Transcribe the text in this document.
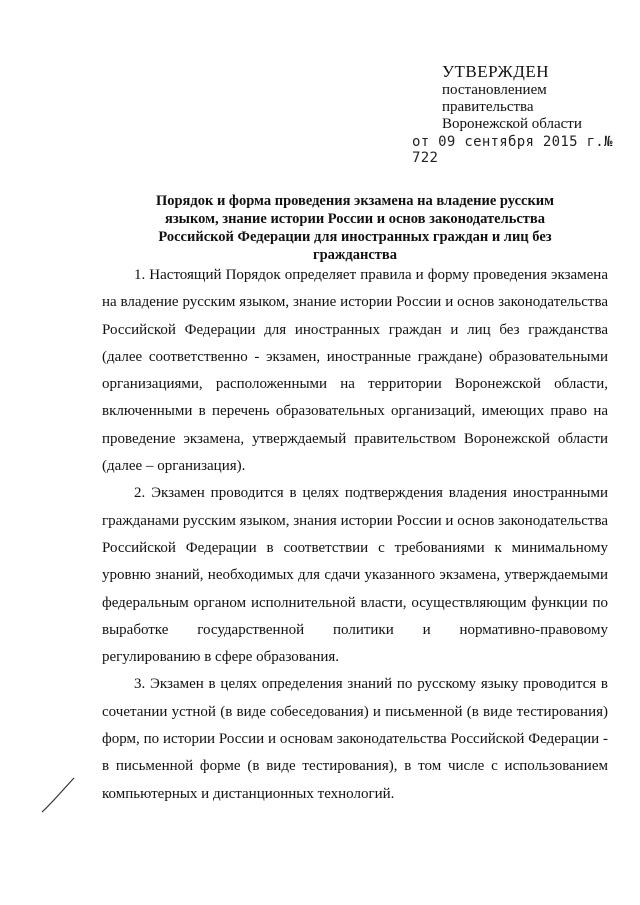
УТВЕРЖДЕН
постановлением
правительства
Воронежской области
от 09 сентября 2015 г.№ 722
Порядок и форма проведения экзамена на владение русским языком, знание истории России и основ законодательства Российской Федерации для иностранных граждан и лиц без гражданства

1. Настоящий Порядок определяет правила и форму проведения экзамена на владение русским языком, знание истории России и основ законодательства Российской Федерации для иностранных граждан и лиц без гражданства (далее соответственно - экзамен, иностранные граждане) образовательными организациями, расположенными на территории Воронежской области, включенными в перечень образовательных организаций, имеющих право на проведение экзамена, утверждаемый правительством Воронежской области (далее – организация).

2. Экзамен проводится в целях подтверждения владения иностранными гражданами русским языком, знания истории России и основ законодательства Российской Федерации в соответствии с требованиями к минимальному уровню знаний, необходимых для сдачи указанного экзамена, утверждаемыми федеральным органом исполнительной власти, осуществляющим функции по выработке государственной политики и нормативно-правовому регулированию в сфере образования.

3. Экзамен в целях определения знаний по русскому языку проводится в сочетании устной (в виде собеседования) и письменной (в виде тестирования) форм, по истории России и основам законодательства Российской Федерации - в письменной форме (в виде тестирования), в том числе с использованием компьютерных и дистанционных технологий.
